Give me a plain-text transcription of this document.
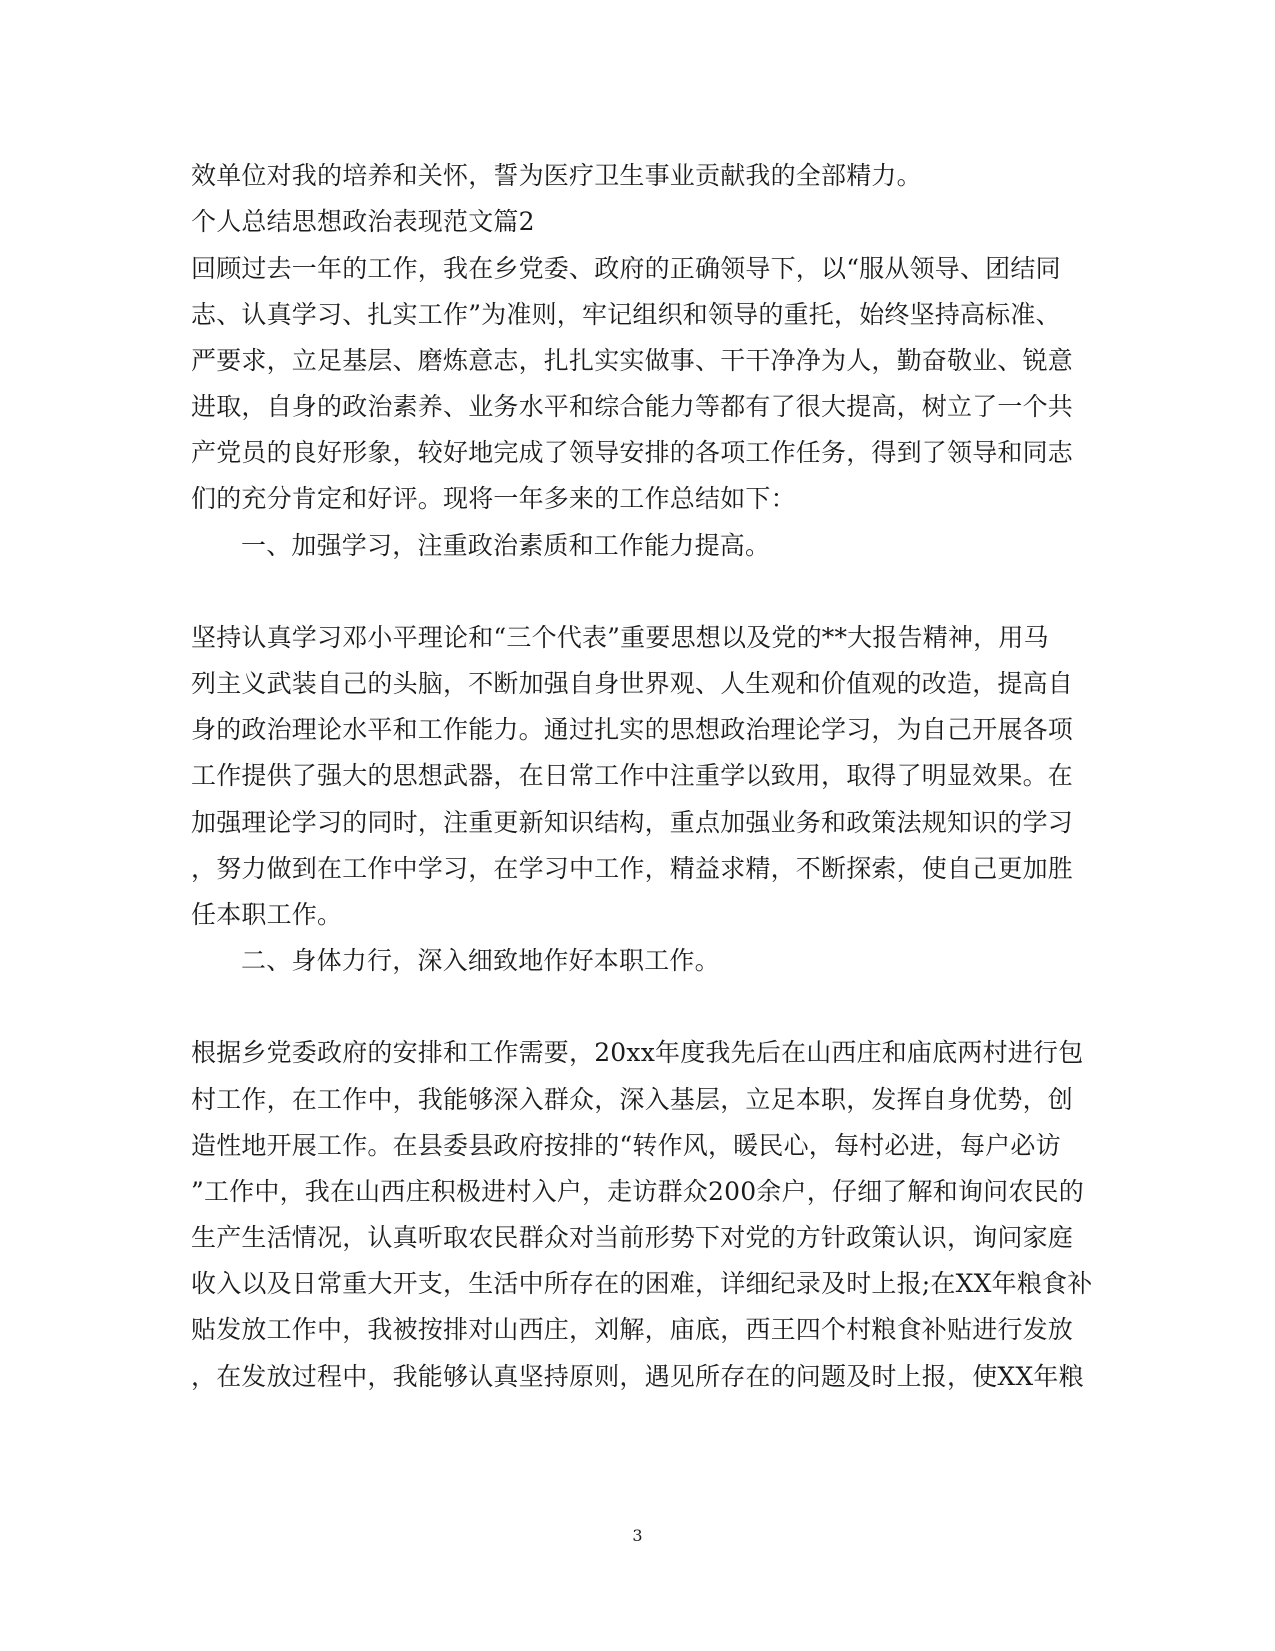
效单位对我的培养和关怀，誓为医疗卫生事业贡献我的全部精力。
个人总结思想政治表现范文篇2
回顾过去一年的工作，我在乡党委、政府的正确领导下，以“服从领导、团结同
志、认真学习、扎实工作”为准则，牢记组织和领导的重托，始终坚持高标准、
严要求，立足基层、磨炼意志，扎扎实实做事、干干净净为人，勤奋敬业、锐意
进取，自身的政治素养、业务水平和综合能力等都有了很大提高，树立了一个共
产党员的良好形象，较好地完成了领导安排的各项工作任务，得到了领导和同志
们的充分肯定和好评。现将一年多来的工作总结如下：
一、加强学习，注重政治素质和工作能力提高。
坚持认真学习邓小平理论和“三个代表”重要思想以及党的**大报告精神，用马
列主义武装自己的头脑，不断加强自身世界观、人生观和价值观的改造，提高自
身的政治理论水平和工作能力。通过扎实的思想政治理论学习，为自己开展各项
工作提供了强大的思想武器，在日常工作中注重学以致用，取得了明显效果。在
加强理论学习的同时，注重更新知识结构，重点加强业务和政策法规知识的学习
，努力做到在工作中学习，在学习中工作，精益求精，不断探索，使自己更加胜
任本职工作。
二、身体力行，深入细致地作好本职工作。
根据乡党委政府的安排和工作需要，20xx年度我先后在山西庄和庙底两村进行包
村工作，在工作中，我能够深入群众，深入基层，立足本职，发挥自身优势，创
造性地开展工作。在县委县政府按排的“转作风，暖民心，每村必进，每户必访
”工作中，我在山西庄积极进村入户，走访群众200余户，仔细了解和询问农民的
生产生活情况，认真听取农民群众对当前形势下对党的方针政策认识，询问家庭
收入以及日常重大开支，生活中所存在的困难，详细纪录及时上报;在XX年粮食补
贴发放工作中，我被按排对山西庄，刘解，庙底，西王四个村粮食补贴进行发放
，在发放过程中，我能够认真坚持原则，遇见所存在的问题及时上报，使XX年粮
3
